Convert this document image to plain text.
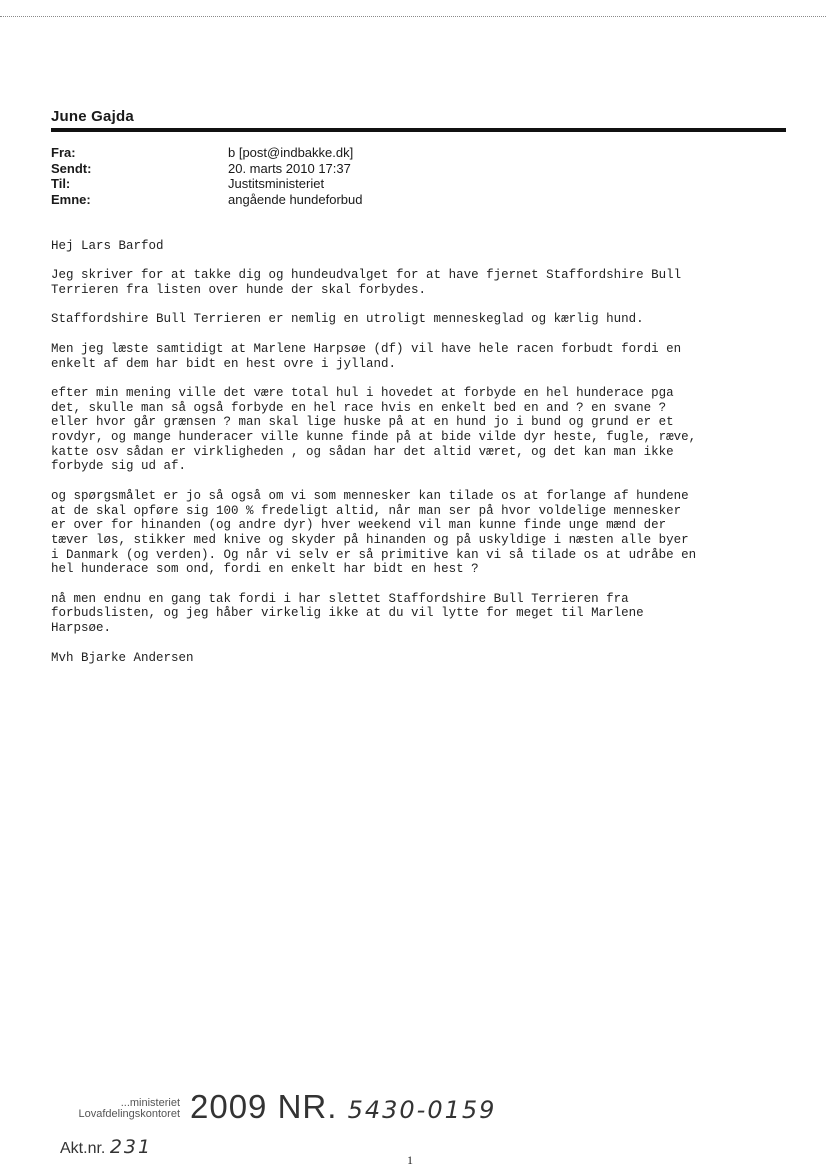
June Gajda
Fra:	b [post@indbakke.dk]
Sendt:	20. marts 2010 17:37
Til:	Justitsministeriet
Emne:	angående hundeforbud

Hej Lars Barfod

Jeg skriver for at takke dig og hundeudvalget for at have fjernet Staffordshire Bull
Terrieren fra listen over hunde der skal forbydes.

Staffordshire Bull Terrieren er nemlig en utroligt menneskeglad og kærlig hund.

Men jeg læste samtidigt at Marlene Harpsøe (df) vil have hele racen forbudt fordi en
enkelt af dem har bidt en hest ovre i jylland.

efter min mening ville det være total hul i hovedet at forbyde en hel hunderace pga
det, skulle man så også forbyde en hel race hvis en enkelt bed en and ? en svane ?
eller hvor går grænsen ? man skal lige huske på at en hund jo i bund og grund er et
rovdyr, og mange hunderacer ville kunne finde på at bide vilde dyr heste, fugle, ræve,
katte osv sådan er virkligheden , og sådan har det altid været, og det kan man ikke
forbyde sig ud af.

og spørgsmålet er jo så også om vi som mennesker kan tilade os at forlange af hundene
at de skal opføre sig 100 % fredeligt altid, når man ser på hvor voldelige mennesker
er over for hinanden (og andre dyr) hver weekend vil man kunne finde unge mænd der
tæver løs, stikker med knive og skyder på hinanden og på uskyldige i næsten alle byer
i Danmark (og verden). Og når vi selv er så primitive kan vi så tilade os at udråbe en
hel hunderace som ond, fordi en enkelt har bidt en hest ?

nå men endnu en gang tak fordi i har slettet Staffordshire Bull Terrieren fra
forbudslisten, og jeg håber virkelig ikke at du vil lytte for meget til Marlene
Harpsøe.

Mvh Bjarke Andersen

...ministeriet
Lovafdelingskontoret 2009 NR. 5430-0159
Akt.nr. 231
1
